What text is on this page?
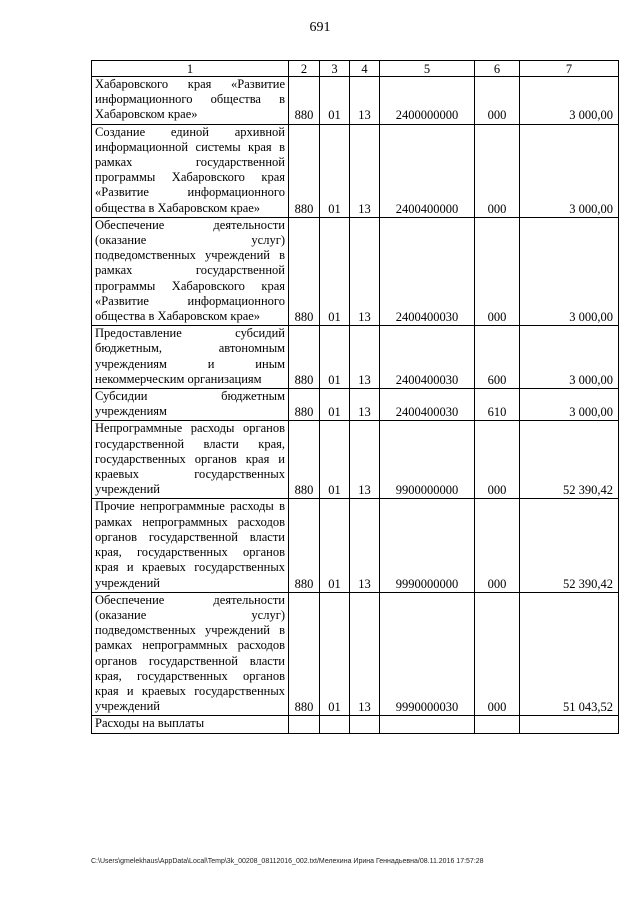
691
1	2	3	4	5	6	7
Хабаровского края «Развитие информационного общества в Хабаровском крае»	880	01	13	2400000000	000	3 000,00
Создание единой архивной информационной системы края в рамках государственной программы Хабаровского края «Развитие информационного общества в Хабаровском крае»	880	01	13	2400400000	000	3 000,00
Обеспечение деятельности (оказание услуг) подведомственных учреждений в рамках государственной программы Хабаровского края «Развитие информационного общества в Хабаровском крае»	880	01	13	2400400030	000	3 000,00
Предоставление субсидий бюджетным, автономным учреждениям и иным некоммерческим организациям	880	01	13	2400400030	600	3 000,00
Субсидии бюджетным учреждениям	880	01	13	2400400030	610	3 000,00
Непрограммные расходы органов государственной власти края, государственных органов края и краевых государственных учреждений	880	01	13	9900000000	000	52 390,42
Прочие непрограммные расходы в рамках непрограммных расходов органов государственной власти края, государственных органов края и краевых государственных учреждений	880	01	13	9990000000	000	52 390,42
Обеспечение деятельности (оказание услуг) подведомственных учреждений в рамках непрограммных расходов органов государственной власти края, государственных органов края и краевых государственных учреждений	880	01	13	9990000030	000	51 043,52
Расходы на выплаты						
C:\Users\gmelekhaus\AppData\Local\Temp\3k_00208_08112016_002.txt/Мелехина Ирина Геннадьевна/08.11.2016 17:57:28
